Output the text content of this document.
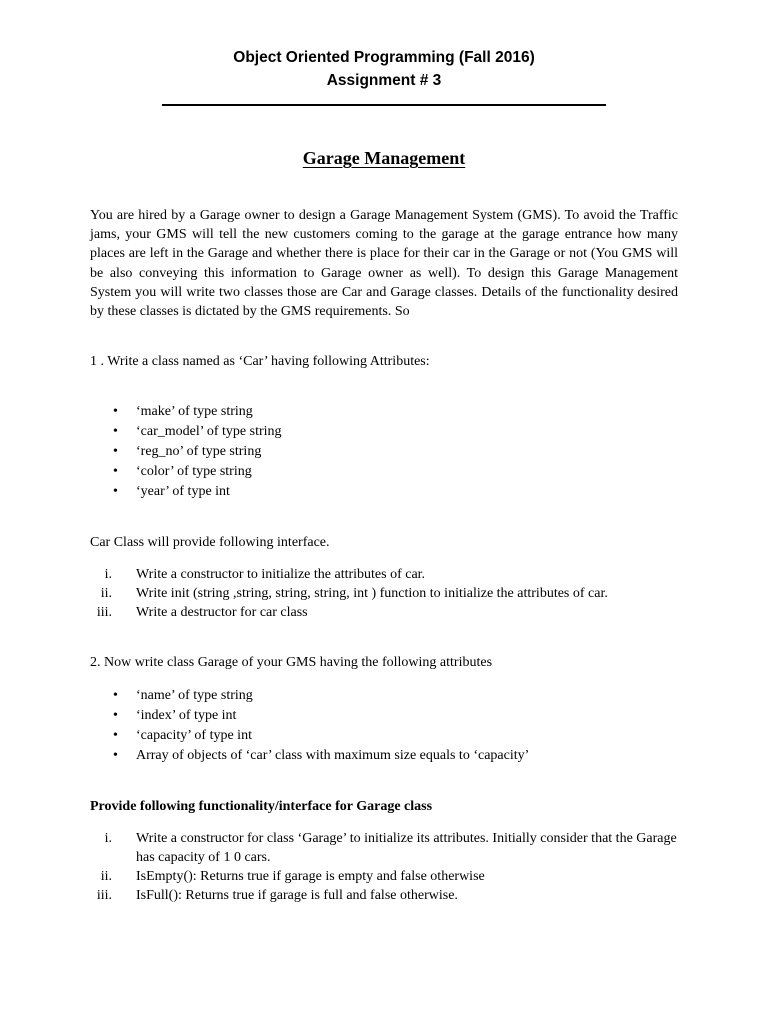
Object Oriented Programming (Fall 2016)
Assignment # 3
Garage Management

You are hired by a Garage owner to design a Garage Management System (GMS). To avoid the Traffic jams, your GMS will tell the new customers coming to the garage at the garage entrance how many places are left in the Garage and whether there is place for their car in the Garage or not (You GMS will be also conveying this information to Garage owner as well). To design this Garage Management System you will write two classes those are Car and Garage classes. Details of the functionality desired by these classes is dictated by the GMS requirements. So

1 . Write a class named as ‘Car’ having following Attributes:
• ‘make’ of type string
• ‘car_model’ of type string
• ‘reg_no’ of type string
• ‘color’ of type string
• ‘year’ of type int
Car Class will provide following interface.
i. Write a constructor to initialize the attributes of car.
ii. Write init (string ,string, string, string, int ) function to initialize the attributes of car.
iii. Write a destructor for car class
2. Now write class Garage of your GMS having the following attributes
• ‘name’ of type string
• ‘index’ of type int
• ‘capacity’ of type int
• Array of objects of ‘car’ class with maximum size equals to ‘capacity’
Provide following functionality/interface for Garage class
i. Write a constructor for class ‘Garage’ to initialize its attributes. Initially consider that the Garage
has capacity of 1 0 cars.
ii. IsEmpty(): Returns true if garage is empty and false otherwise
iii. IsFull(): Returns true if garage is full and false otherwise.
